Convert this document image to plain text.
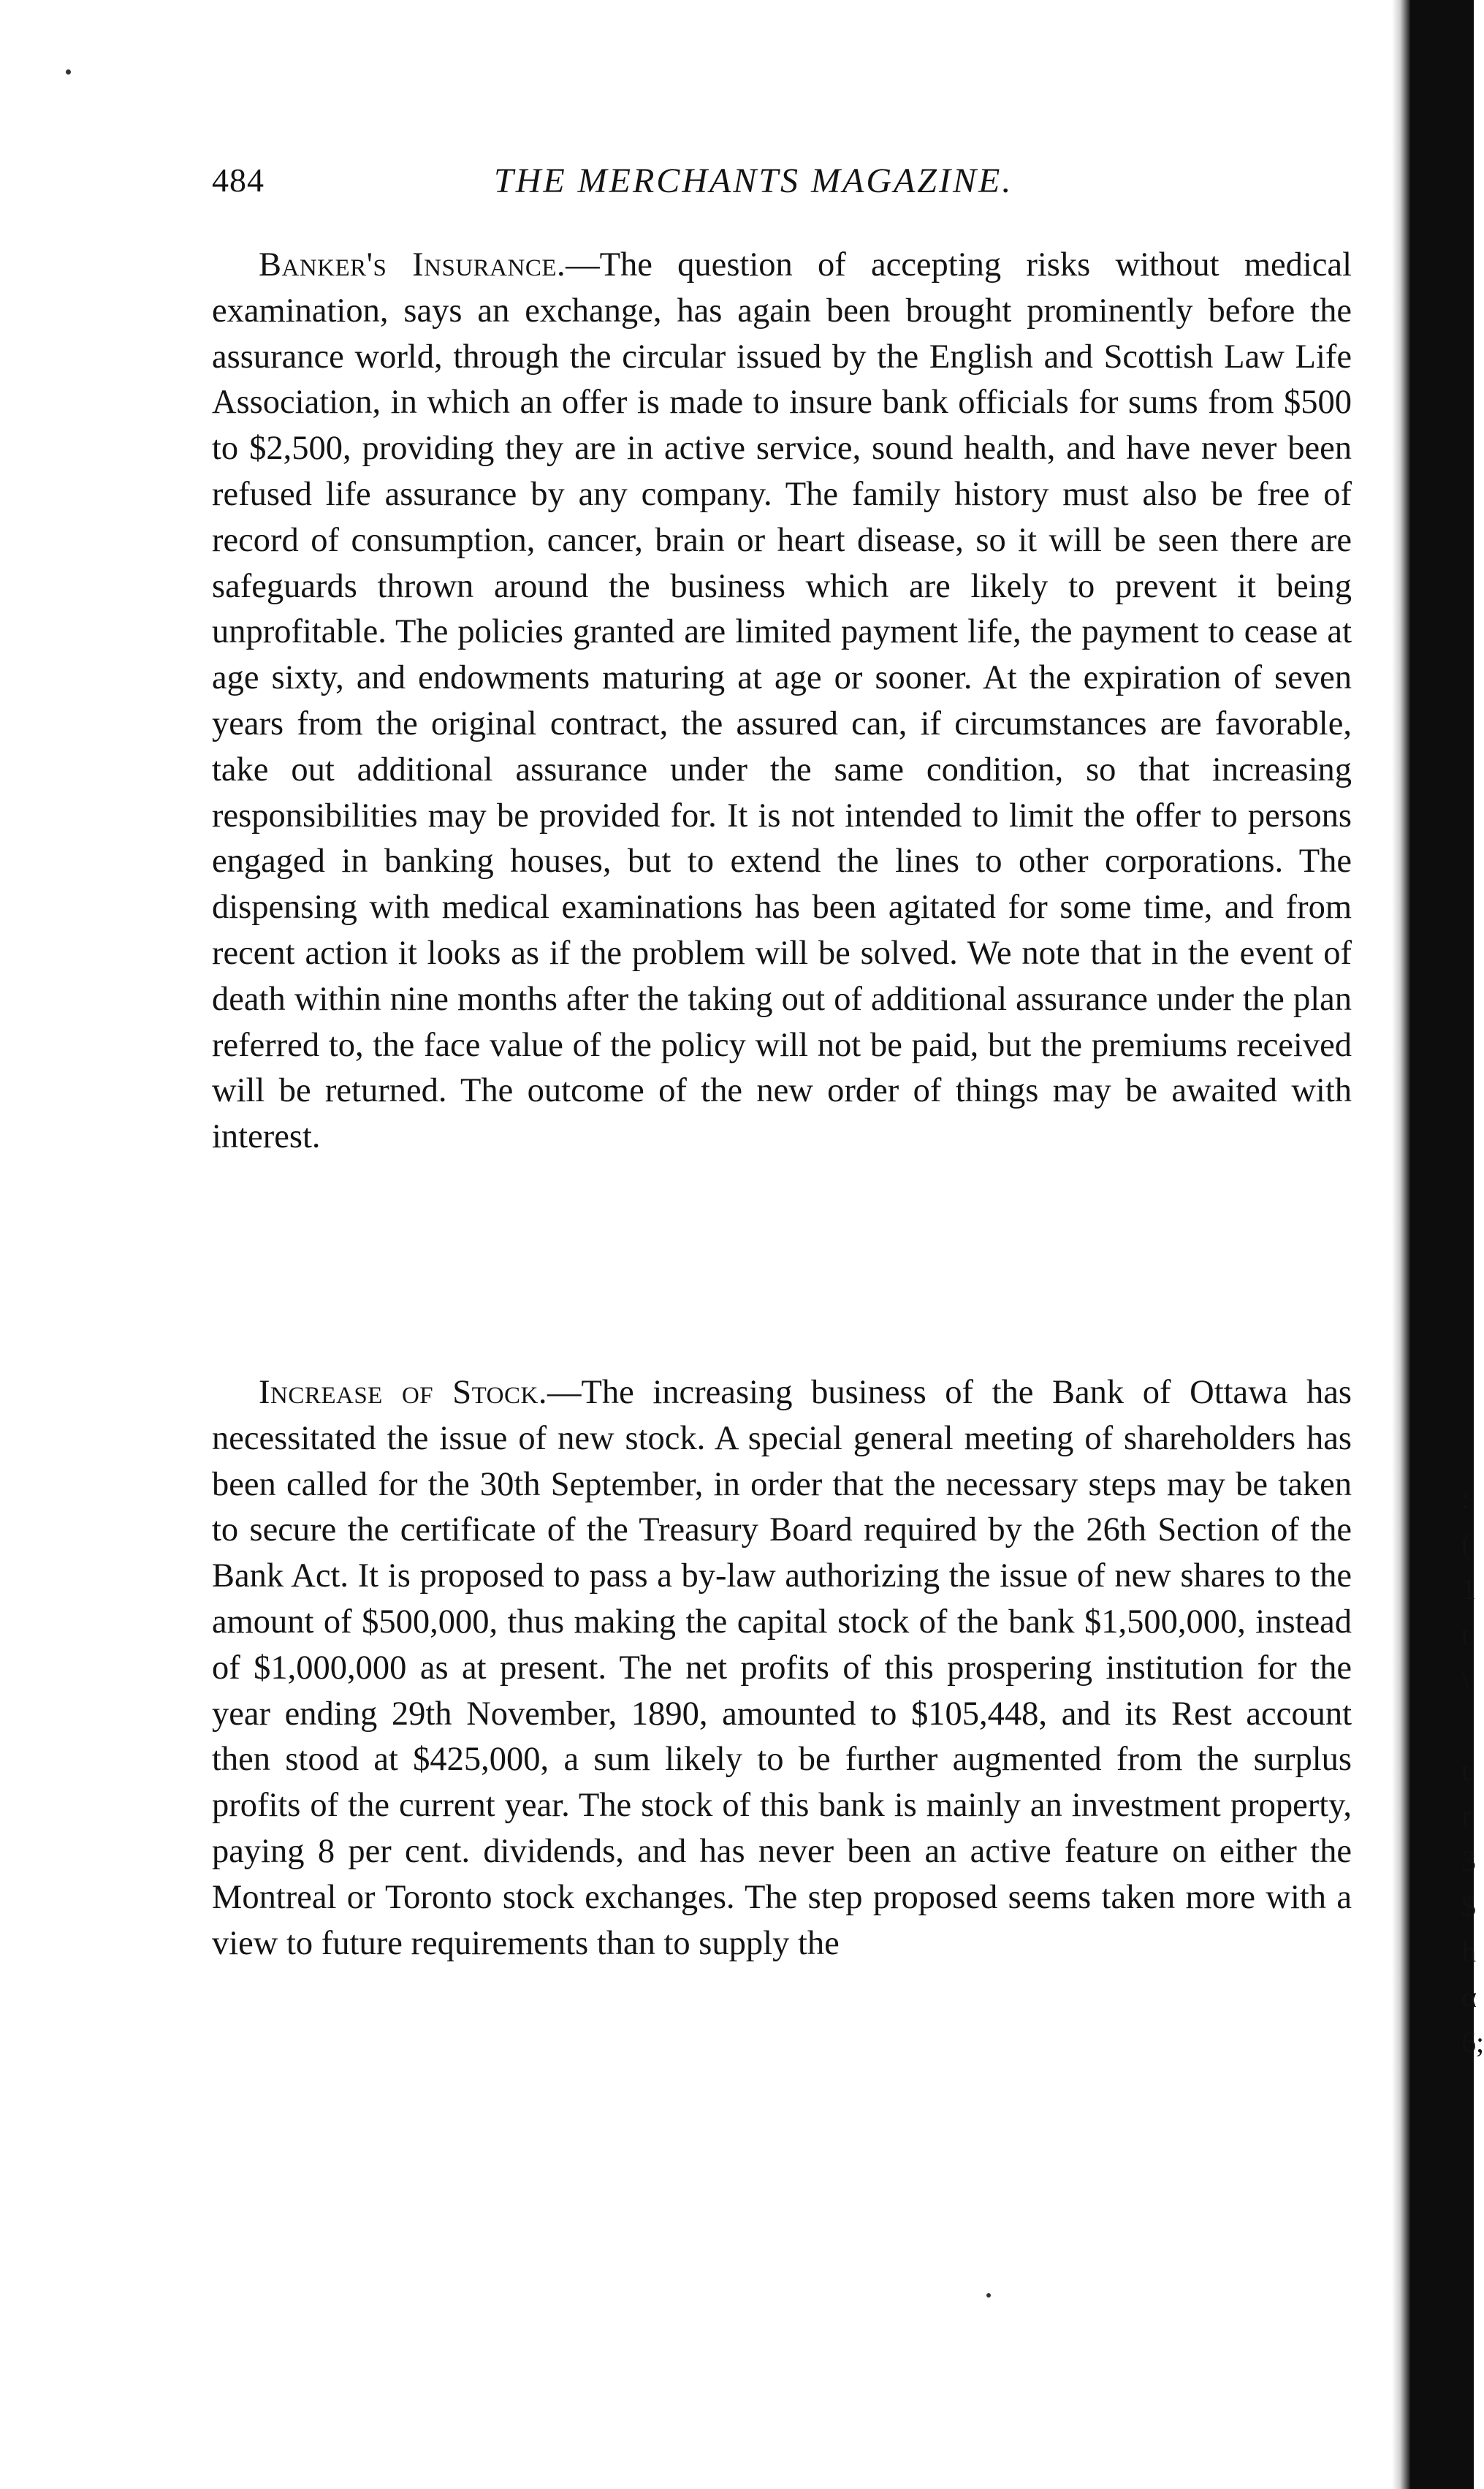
484	THE MERCHANTS MAGAZINE.

Banker's Insurance.—The question of accepting risks without medical examination, says an exchange, has again been brought prominently before the assurance world, through the circular issued by the English and Scottish Law Life Association, in which an offer is made to insure bank officials for sums from $500 to $2,500, providing they are in active service, sound health, and have never been refused life assurance by any company. The family history must also be free of record of consumption, cancer, brain or heart disease, so it will be seen there are safeguards thrown around the business which are likely to prevent it being unprofitable. The policies granted are limited payment life, the payment to cease at age sixty, and endowments maturing at age or sooner. At the expiration of seven years from the original contract, the assured can, if circumstances are favorable, take out additional assurance under the same condition, so that increasing responsibilities may be provided for. It is not intended to limit the offer to persons engaged in banking houses, but to extend the lines to other corporations. The dispensing with medical examinations has been agitated for some time, and from recent action it looks as if the problem will be solved. We note that in the event of death within nine months after the taking out of additional assurance under the plan referred to, the face value of the policy will not be paid, but the premiums received will be returned. The outcome of the new order of things may be awaited with interest.

Increase of Stock.—The increasing business of the Bank of Ottawa has necessitated the issue of new stock. A special general meeting of shareholders has been called for the 30th September, in order that the necessary steps may be taken to secure the certificate of the Treasury Board required by the 26th Section of the Bank Act. It is proposed to pass a by-law authorizing the issue of new shares to the amount of $500,000, thus making the capital stock of the bank $1,500,000, instead of $1,000,000 as at present. The net profits of this prospering institution for the year ending 29th November, 1890, amounted to $105,448, and its Rest account then stood at $425,000, a sum likely to be further augmented from the surplus profits of the current year. The stock of this bank is mainly an investment property, paying 8 per cent. dividends, and has never been an active feature on either the Montreal or Toronto stock exchanges. The step proposed seems taken more with a view to future requirements than to supply the

:
(
1
t
\

t
r
3
$
h
α
6;
